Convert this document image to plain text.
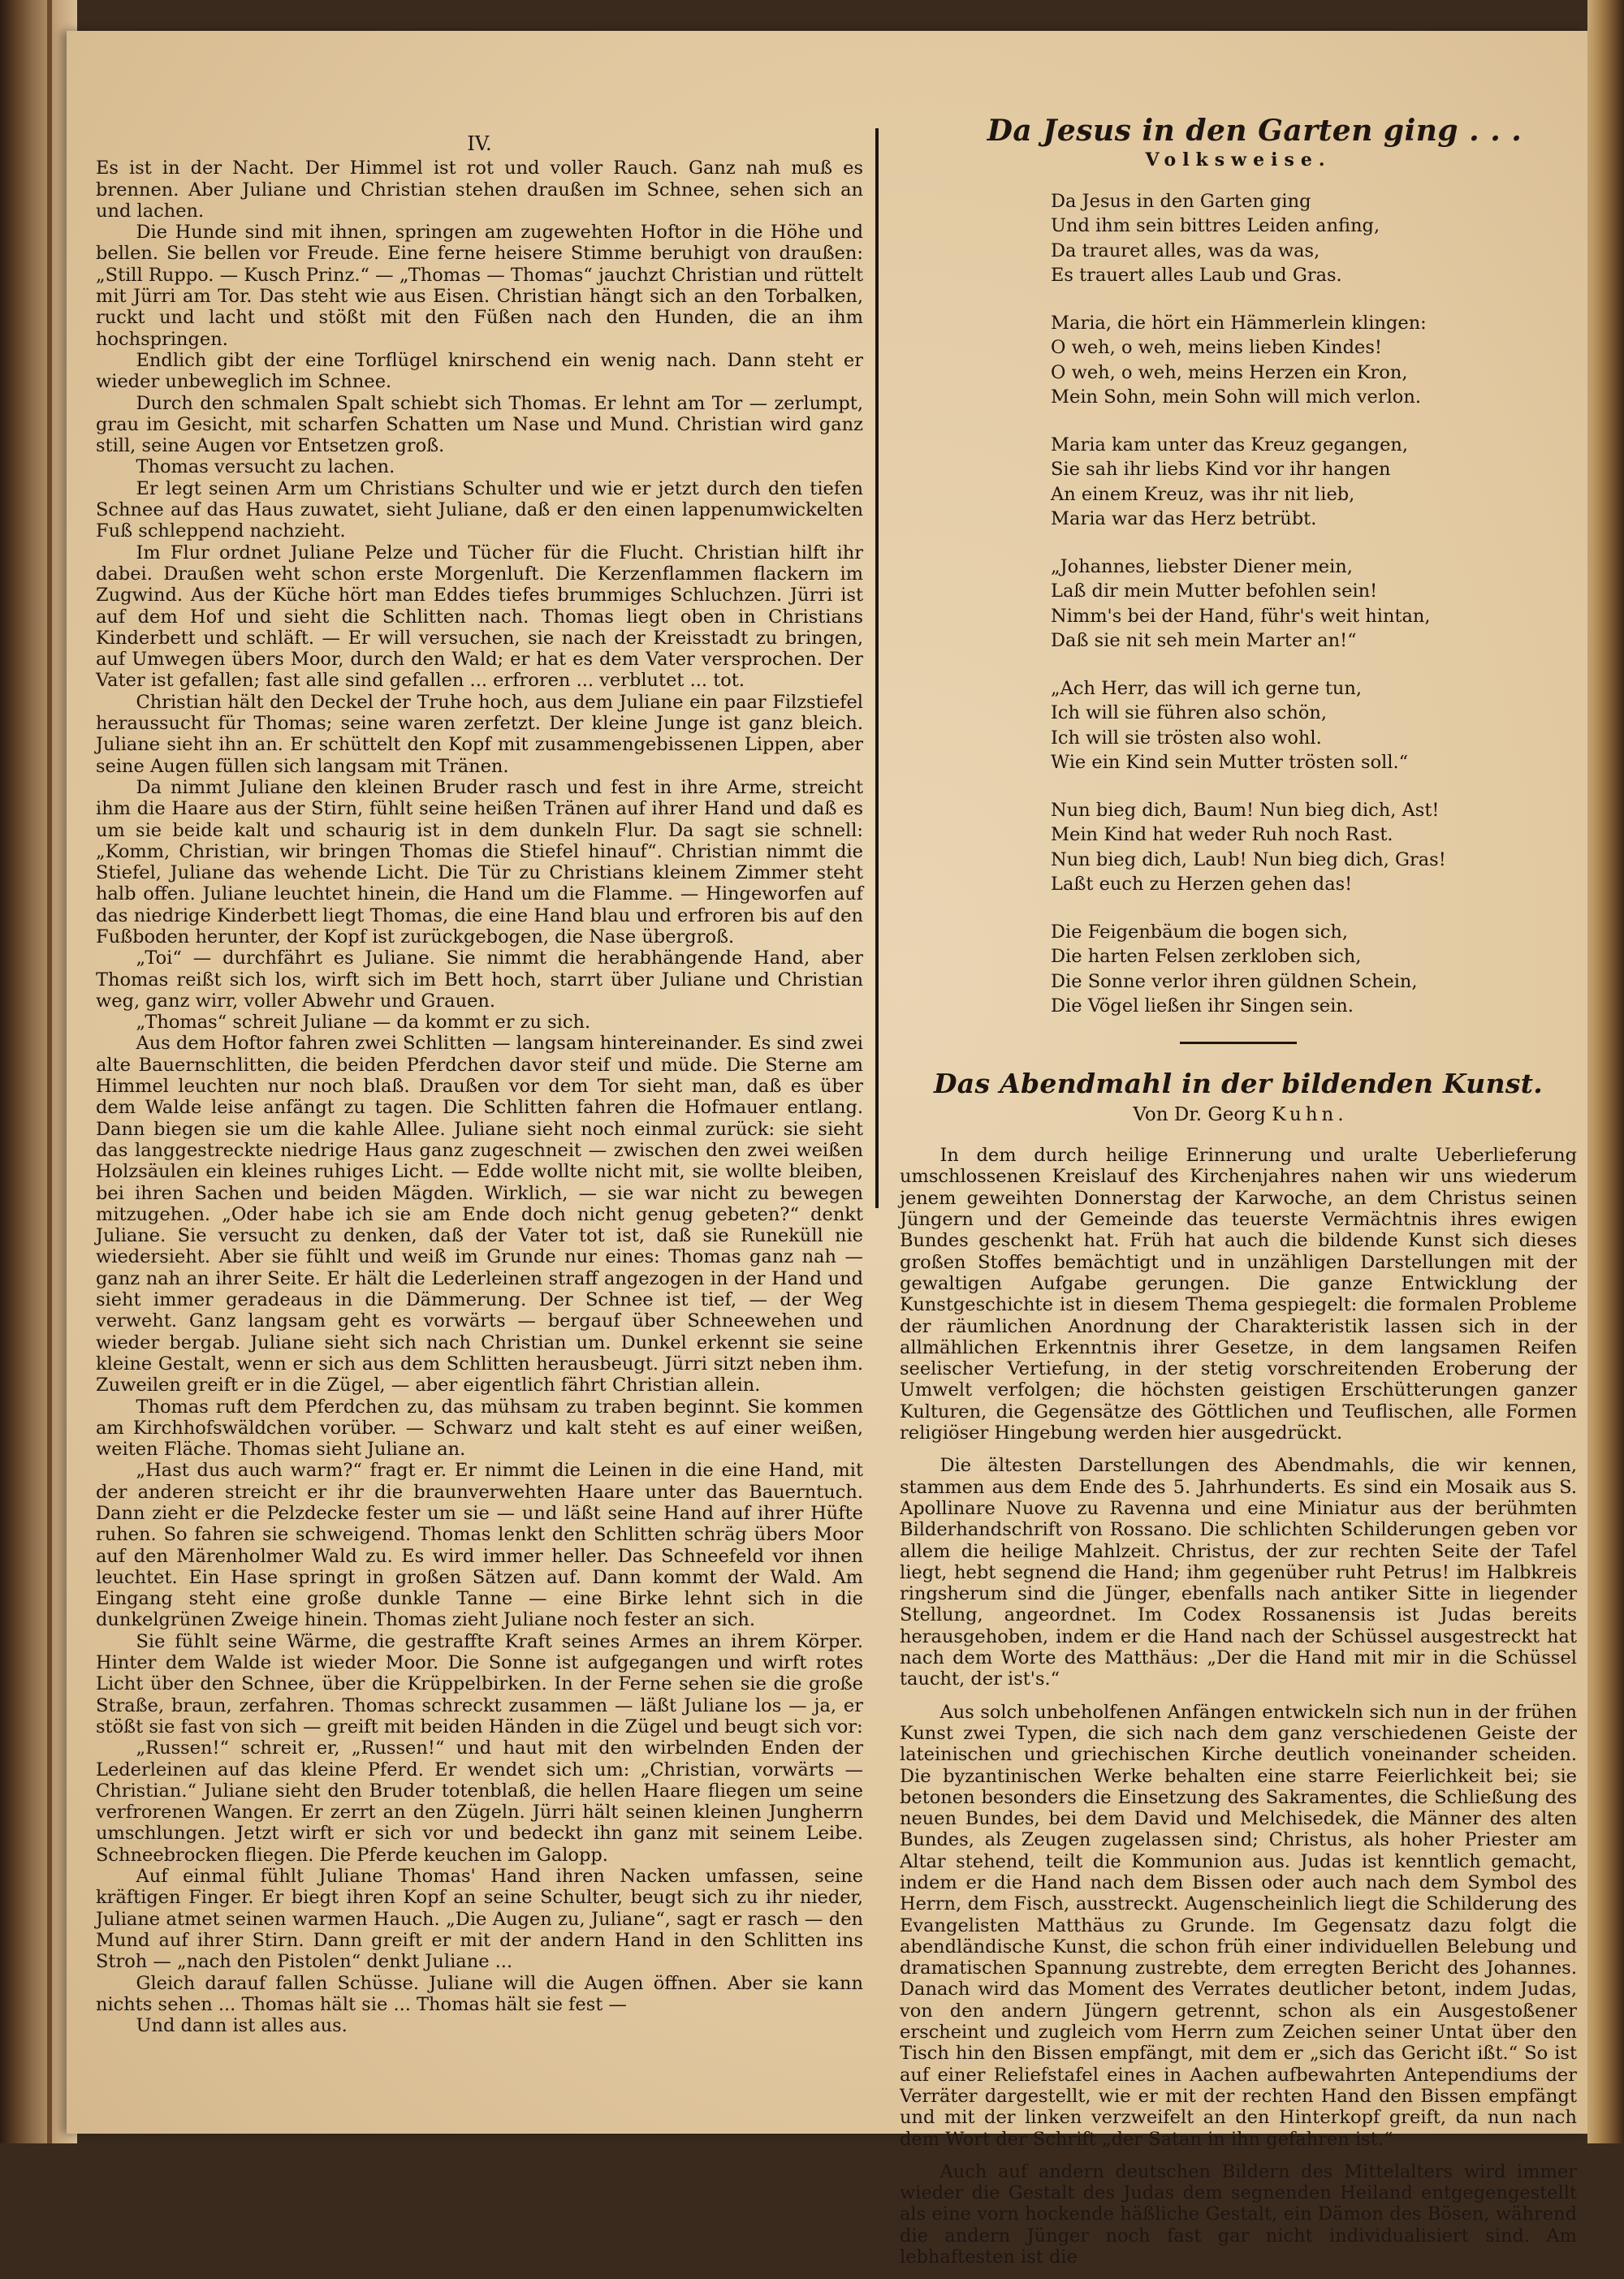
IV.

Es ist in der Nacht. Der Himmel ist rot und voller Rauch. Ganz nah muß es brennen. Aber Juliane und Christian stehen draußen im Schnee, sehen sich an und lachen.

Die Hunde sind mit ihnen, springen am zugewehten Hoftor in die Höhe und bellen. Sie bellen vor Freude. Eine ferne heisere Stimme beruhigt von draußen: „Still Ruppo. — Kusch Prinz.“ — „Thomas — Thomas“ jauchzt Christian und rüttelt mit Jürri am Tor. Das steht wie aus Eisen. Christian hängt sich an den Torbalken, ruckt und lacht und stößt mit den Füßen nach den Hunden, die an ihm hochspringen.

Endlich gibt der eine Torflügel knirschend ein wenig nach. Dann steht er wieder unbeweglich im Schnee.

Durch den schmalen Spalt schiebt sich Thomas. Er lehnt am Tor — zerlumpt, grau im Gesicht, mit scharfen Schatten um Nase und Mund. Christian wird ganz still, seine Augen vor Entsetzen groß.

Thomas versucht zu lachen.

Er legt seinen Arm um Christians Schulter und wie er jetzt durch den tiefen Schnee auf das Haus zuwatet, sieht Juliane, daß er den einen lappenumwickelten Fuß schleppend nachzieht.

Im Flur ordnet Juliane Pelze und Tücher für die Flucht. Christian hilft ihr dabei. Draußen weht schon erste Morgenluft. Die Kerzenflammen flackern im Zugwind. Aus der Küche hört man Eddes tiefes brummiges Schluchzen. Jürri ist auf dem Hof und sieht die Schlitten nach. Thomas liegt oben in Christians Kinderbett und schläft. — Er will versuchen, sie nach der Kreisstadt zu bringen, auf Umwegen übers Moor, durch den Wald; er hat es dem Vater versprochen. Der Vater ist gefallen; fast alle sind gefallen ... erfroren ... verblutet ... tot.

Christian hält den Deckel der Truhe hoch, aus dem Juliane ein paar Filzstiefel heraussucht für Thomas; seine waren zerfetzt. Der kleine Junge ist ganz bleich. Juliane sieht ihn an. Er schüttelt den Kopf mit zusammengebissenen Lippen, aber seine Augen füllen sich langsam mit Tränen.

Da nimmt Juliane den kleinen Bruder rasch und fest in ihre Arme, streicht ihm die Haare aus der Stirn, fühlt seine heißen Tränen auf ihrer Hand und daß es um sie beide kalt und schaurig ist in dem dunkeln Flur. Da sagt sie schnell: „Komm, Christian, wir bringen Thomas die Stiefel hinauf“. Christian nimmt die Stiefel, Juliane das wehende Licht. Die Tür zu Christians kleinem Zimmer steht halb offen. Juliane leuchtet hinein, die Hand um die Flamme. — Hingeworfen auf das niedrige Kinderbett liegt Thomas, die eine Hand blau und erfroren bis auf den Fußboden herunter, der Kopf ist zurückgebogen, die Nase übergroß.

„Toi“ — durchfährt es Juliane. Sie nimmt die herabhängende Hand, aber Thomas reißt sich los, wirft sich im Bett hoch, starrt über Juliane und Christian weg, ganz wirr, voller Abwehr und Grauen.

„Thomas“ schreit Juliane — da kommt er zu sich.

Aus dem Hoftor fahren zwei Schlitten — langsam hintereinander. Es sind zwei alte Bauernschlitten, die beiden Pferdchen davor steif und müde. Die Sterne am Himmel leuchten nur noch blaß. Draußen vor dem Tor sieht man, daß es über dem Walde leise anfängt zu tagen. Die Schlitten fahren die Hofmauer entlang. Dann biegen sie um die kahle Allee. Juliane sieht noch einmal zurück: sie sieht das langgestreckte niedrige Haus ganz zugeschneit — zwischen den zwei weißen Holzsäulen ein kleines ruhiges Licht. — Edde wollte nicht mit, sie wollte bleiben, bei ihren Sachen und beiden Mägden. Wirklich, — sie war nicht zu bewegen mitzugehen. „Oder habe ich sie am Ende doch nicht genug gebeten?“ denkt Juliane. Sie versucht zu denken, daß der Vater tot ist, daß sie Runeküll nie wiedersieht. Aber sie fühlt und weiß im Grunde nur eines: Thomas ganz nah — ganz nah an ihrer Seite. Er hält die Lederleinen straff angezogen in der Hand und sieht immer geradeaus in die Dämmerung. Der Schnee ist tief, — der Weg verweht. Ganz langsam geht es vorwärts — bergauf über Schneewehen und wieder bergab. Juliane sieht sich nach Christian um. Dunkel erkennt sie seine kleine Gestalt, wenn er sich aus dem Schlitten herausbeugt. Jürri sitzt neben ihm. Zuweilen greift er in die Zügel, — aber eigentlich fährt Christian allein.

Thomas ruft dem Pferdchen zu, das mühsam zu traben beginnt. Sie kommen am Kirchhofswäldchen vorüber. — Schwarz und kalt steht es auf einer weißen, weiten Fläche. Thomas sieht Juliane an.

„Hast dus auch warm?“ fragt er. Er nimmt die Leinen in die eine Hand, mit der anderen streicht er ihr die braunverwehten Haare unter das Bauerntuch. Dann zieht er die Pelzdecke fester um sie — und läßt seine Hand auf ihrer Hüfte ruhen. So fahren sie schweigend. Thomas lenkt den Schlitten schräg übers Moor auf den Märenholmer Wald zu. Es wird immer heller. Das Schneefeld vor ihnen leuchtet. Ein Hase springt in großen Sätzen auf. Dann kommt der Wald. Am Eingang steht eine große dunkle Tanne — eine Birke lehnt sich in die dunkelgrünen Zweige hinein. Thomas zieht Juliane noch fester an sich.

Sie fühlt seine Wärme, die gestraffte Kraft seines Armes an ihrem Körper. Hinter dem Walde ist wieder Moor. Die Sonne ist aufgegangen und wirft rotes Licht über den Schnee, über die Krüppelbirken. In der Ferne sehen sie die große Straße, braun, zerfahren. Thomas schreckt zusammen — läßt Juliane los — ja, er stößt sie fast von sich — greift mit beiden Händen in die Zügel und beugt sich vor:

„Russen!“ schreit er, „Russen!“ und haut mit den wirbelnden Enden der Lederleinen auf das kleine Pferd. Er wendet sich um: „Christian, vorwärts — Christian.“ Juliane sieht den Bruder totenblaß, die hellen Haare fliegen um seine verfrorenen Wangen. Er zerrt an den Zügeln. Jürri hält seinen kleinen Jungherrn umschlungen. Jetzt wirft er sich vor und bedeckt ihn ganz mit seinem Leibe. Schneebrocken fliegen. Die Pferde keuchen im Galopp.

Auf einmal fühlt Juliane Thomas' Hand ihren Nacken umfassen, seine kräftigen Finger. Er biegt ihren Kopf an seine Schulter, beugt sich zu ihr nieder, Juliane atmet seinen warmen Hauch. „Die Augen zu, Juliane“, sagt er rasch — den Mund auf ihrer Stirn. Dann greift er mit der andern Hand in den Schlitten ins Stroh — „nach den Pistolen“ denkt Juliane ...

Gleich darauf fallen Schüsse. Juliane will die Augen öffnen. Aber sie kann nichts sehen ... Thomas hält sie ... Thomas hält sie fest —

Und dann ist alles aus.

Da Jesus in den Garten ging . . .
Volksweise.
Da Jesus in den Garten ging
Und ihm sein bittres Leiden anfing,
Da trauret alles, was da was,
Es trauert alles Laub und Gras.
Maria, die hört ein Hämmerlein klingen:
O weh, o weh, meins lieben Kindes!
O weh, o weh, meins Herzen ein Kron,
Mein Sohn, mein Sohn will mich verlon.
Maria kam unter das Kreuz gegangen,
Sie sah ihr liebs Kind vor ihr hangen
An einem Kreuz, was ihr nit lieb,
Maria war das Herz betrübt.
„Johannes, liebster Diener mein,
Laß dir mein Mutter befohlen sein!
Nimm's bei der Hand, führ's weit hintan,
Daß sie nit seh mein Marter an!“
„Ach Herr, das will ich gerne tun,
Ich will sie führen also schön,
Ich will sie trösten also wohl.
Wie ein Kind sein Mutter trösten soll.“
Nun bieg dich, Baum! Nun bieg dich, Ast!
Mein Kind hat weder Ruh noch Rast.
Nun bieg dich, Laub! Nun bieg dich, Gras!
Laßt euch zu Herzen gehen das!
Die Feigenbäum die bogen sich,
Die harten Felsen zerkloben sich,
Die Sonne verlor ihren güldnen Schein,
Die Vögel ließen ihr Singen sein.
Das Abendmahl in der bildenden Kunst.
Von Dr. Georg Kuhn.

In dem durch heilige Erinnerung und uralte Ueberlieferung umschlossenen Kreislauf des Kirchenjahres nahen wir uns wiederum jenem geweihten Donnerstag der Karwoche, an dem Christus seinen Jüngern und der Gemeinde das teuerste Vermächtnis ihres ewigen Bundes geschenkt hat. Früh hat auch die bildende Kunst sich dieses großen Stoffes bemächtigt und in unzähligen Darstellungen mit der gewaltigen Aufgabe gerungen. Die ganze Entwicklung der Kunstgeschichte ist in diesem Thema gespiegelt: die formalen Probleme der räumlichen Anordnung der Charakteristik lassen sich in der allmählichen Erkenntnis ihrer Gesetze, in dem langsamen Reifen seelischer Vertiefung, in der stetig vorschreitenden Eroberung der Umwelt verfolgen; die höchsten geistigen Erschütterungen ganzer Kulturen, die Gegensätze des Göttlichen und Teuflischen, alle Formen religiöser Hingebung werden hier ausgedrückt.

Die ältesten Darstellungen des Abendmahls, die wir kennen, stammen aus dem Ende des 5. Jahrhunderts. Es sind ein Mosaik aus S. Apollinare Nuove zu Ravenna und eine Miniatur aus der berühmten Bilderhandschrift von Rossano. Die schlichten Schilderungen geben vor allem die heilige Mahlzeit. Christus, der zur rechten Seite der Tafel liegt, hebt segnend die Hand; ihm gegenüber ruht Petrus! im Halbkreis ringsherum sind die Jünger, ebenfalls nach antiker Sitte in liegender Stellung, angeordnet. Im Codex Rossanensis ist Judas bereits herausgehoben, indem er die Hand nach der Schüssel ausgestreckt hat nach dem Worte des Matthäus: „Der die Hand mit mir in die Schüssel taucht, der ist's.“

Aus solch unbeholfenen Anfängen entwickeln sich nun in der frühen Kunst zwei Typen, die sich nach dem ganz verschiedenen Geiste der lateinischen und griechischen Kirche deutlich voneinander scheiden. Die byzantinischen Werke behalten eine starre Feierlichkeit bei; sie betonen besonders die Einsetzung des Sakramentes, die Schließung des neuen Bundes, bei dem David und Melchisedek, die Männer des alten Bundes, als Zeugen zugelassen sind; Christus, als hoher Priester am Altar stehend, teilt die Kommunion aus. Judas ist kenntlich gemacht, indem er die Hand nach dem Bissen oder auch nach dem Symbol des Herrn, dem Fisch, ausstreckt. Augenscheinlich liegt die Schilderung des Evangelisten Matthäus zu Grunde. Im Gegensatz dazu folgt die abendländische Kunst, die schon früh einer individuellen Belebung und dramatischen Spannung zustrebte, dem erregten Bericht des Johannes. Danach wird das Moment des Verrates deutlicher betont, indem Judas, von den andern Jüngern getrennt, schon als ein Ausgestoßener erscheint und zugleich vom Herrn zum Zeichen seiner Untat über den Tisch hin den Bissen empfängt, mit dem er „sich das Gericht ißt.“ So ist auf einer Reliefstafel eines in Aachen aufbewahrten Antependiums der Verräter dargestellt, wie er mit der rechten Hand den Bissen empfängt und mit der linken verzweifelt an den Hinterkopf greift, da nun nach dem Wort der Schrift „der Satan in ihn gefahren ist.“

Auch auf andern deutschen Bildern des Mittelalters wird immer wieder die Gestalt des Judas dem segnenden Heiland entgegengestellt als eine vorn hockende häßliche Gestalt, ein Dämon des Bösen, während die andern Jünger noch fast gar nicht individualisiert sind. Am lebhaftesten ist die
